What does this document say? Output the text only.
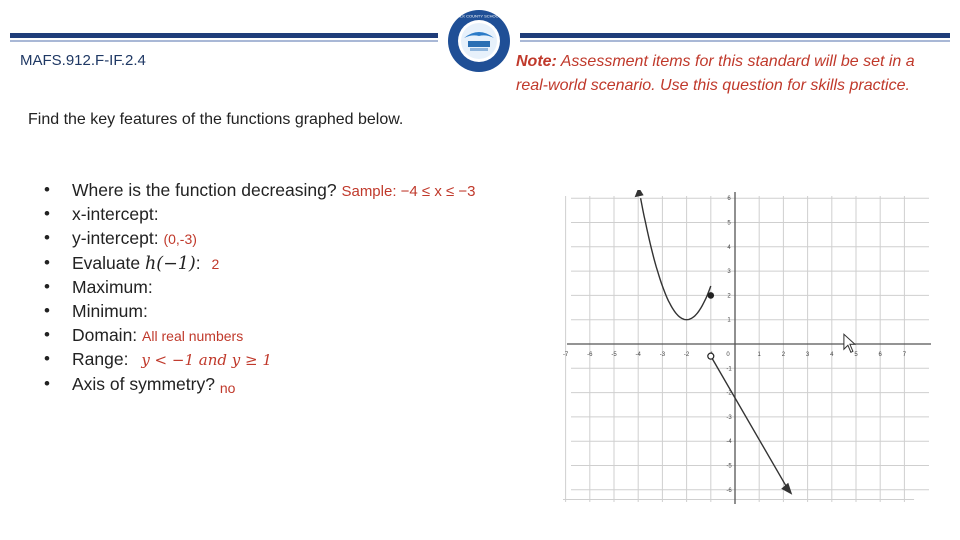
POLK COUNTY SCHOOLS
MAFS.912.F-IF.2.4
Find the key features of the functions graphed below.
Note: Assessment items for this standard will be set in a real-world scenario. Use this question for skills practice.
• Where is the function decreasing? Sample: −4 ≤ x ≤ −3
• x-intercept:
• y-intercept: (0,-3)
• Evaluate h(−1): 2
• Maximum:
• Minimum:
• Domain: All real numbers
• Range: y < −1 and y ≥ 1
• Axis of symmetry? no
-7	-6	-5	-4	-3	-2	0	1	2	3	4	5	6	7
6
5
4
3
2
1
-1
-2
-3
-4
-5
-6
